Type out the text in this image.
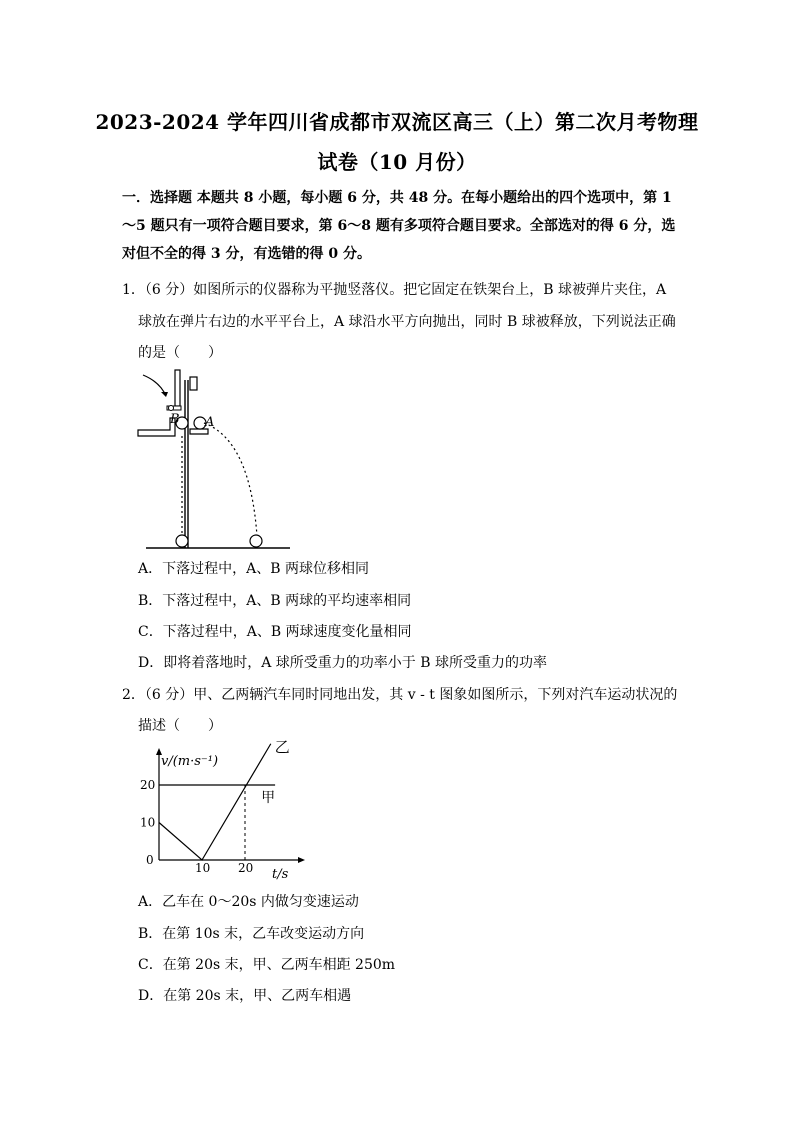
2023-2024 学年四川省成都市双流区高三（上）第二次月考物理
试卷（10 月份）
一．选择题 本题共 8 小题，每小题 6 分，共 48 分。在每小题给出的四个选项中，第 1～5 题只有一项符合题目要求，第 6～8 题有多项符合题目要求。全部选对的得 6 分，选对但不全的得 3 分，有选错的得 0 分。
1．（6 分）如图所示的仪器称为平抛竖落仪。把它固定在铁架台上，B 球被弹片夹住，A
球放在弹片右边的水平平台上，A 球沿水平方向抛出，同时 B 球被释放，下列说法正确
的是（　　）
B A
A．下落过程中，A、B 两球位移相同
B．下落过程中，A、B 两球的平均速率相同
C．下落过程中，A、B 两球速度变化量相同
D．即将着落地时，A 球所受重力的功率小于 B 球所受重力的功率
2．（6 分）甲、乙两辆汽车同时同地出发，其 v - t 图象如图所示，下列对汽车运动状况的
描述（　　）
v/(m·s⁻¹)
t/s
甲
乙
10 20
20
10
0
A．乙车在 0～20s 内做匀变速运动
B．在第 10s 末，乙车改变运动方向
C．在第 20s 末，甲、乙两车相距 250m
D．在第 20s 末，甲、乙两车相遇
